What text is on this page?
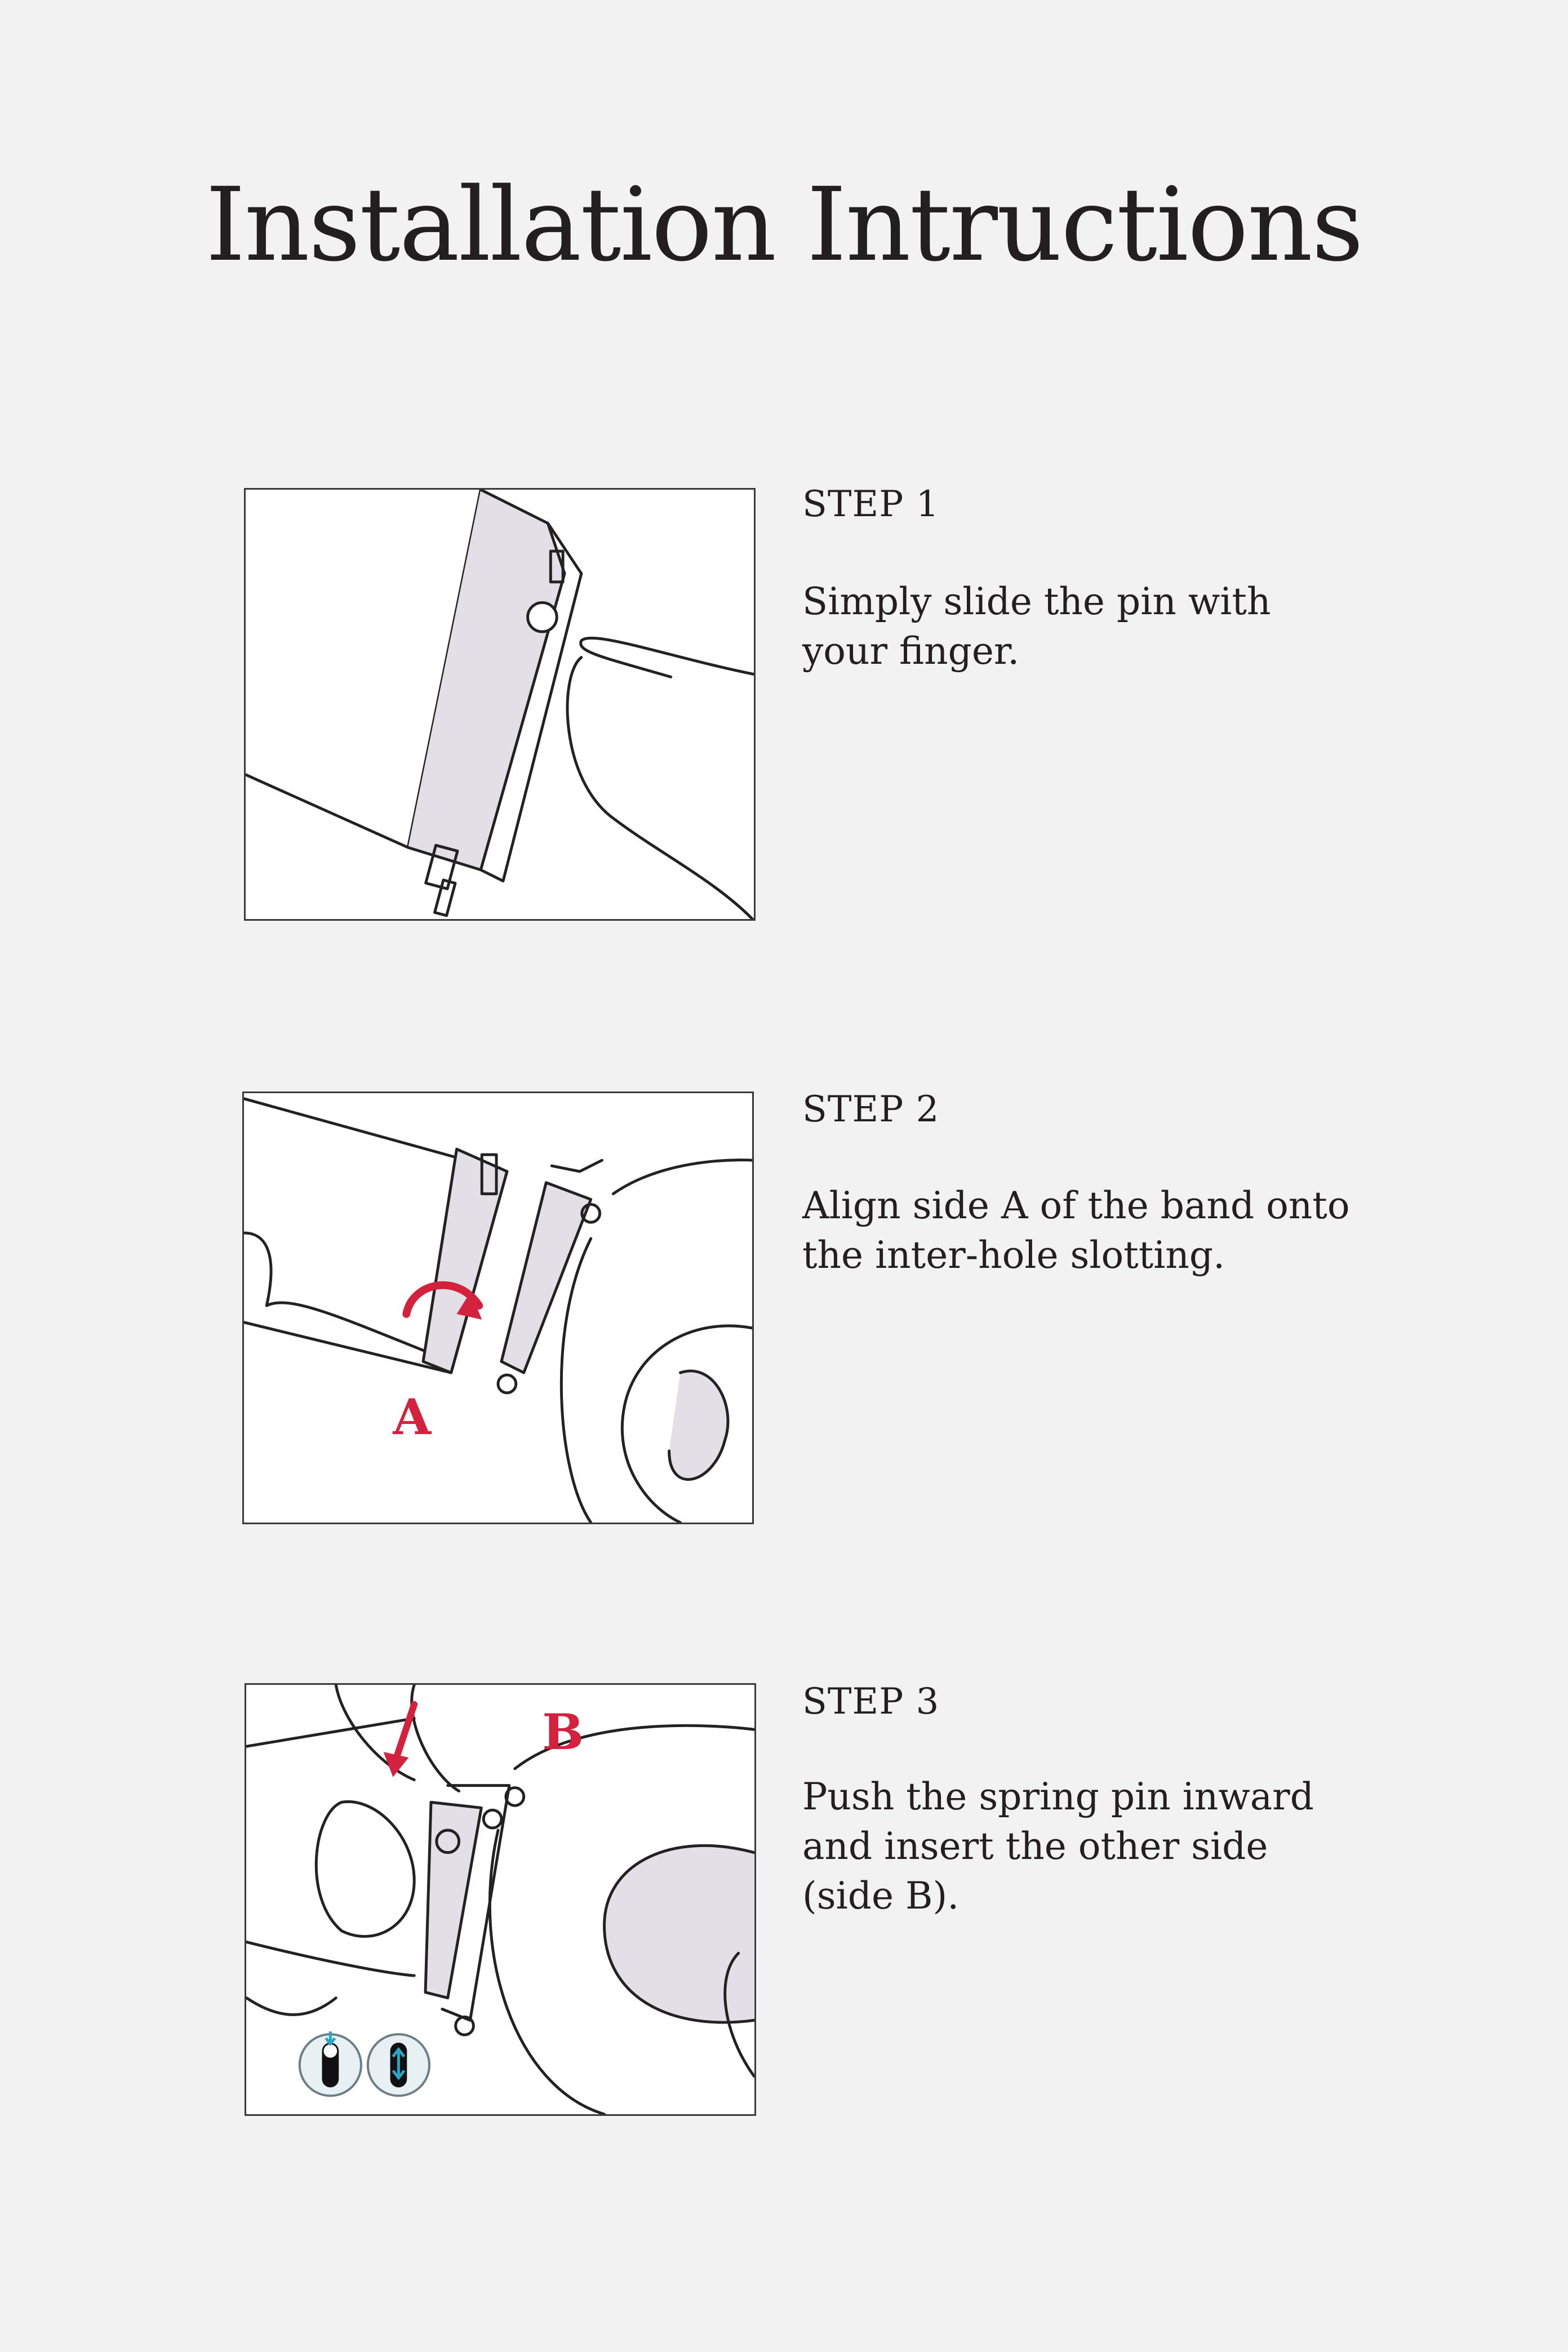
Installation Intructions
STEP 1

Simply slide the pin with your finger.

A
STEP 2

Align side A of the band onto the inter-hole slotting.

B
STEP 3

Push the spring pin inward and insert the other side (side B).
